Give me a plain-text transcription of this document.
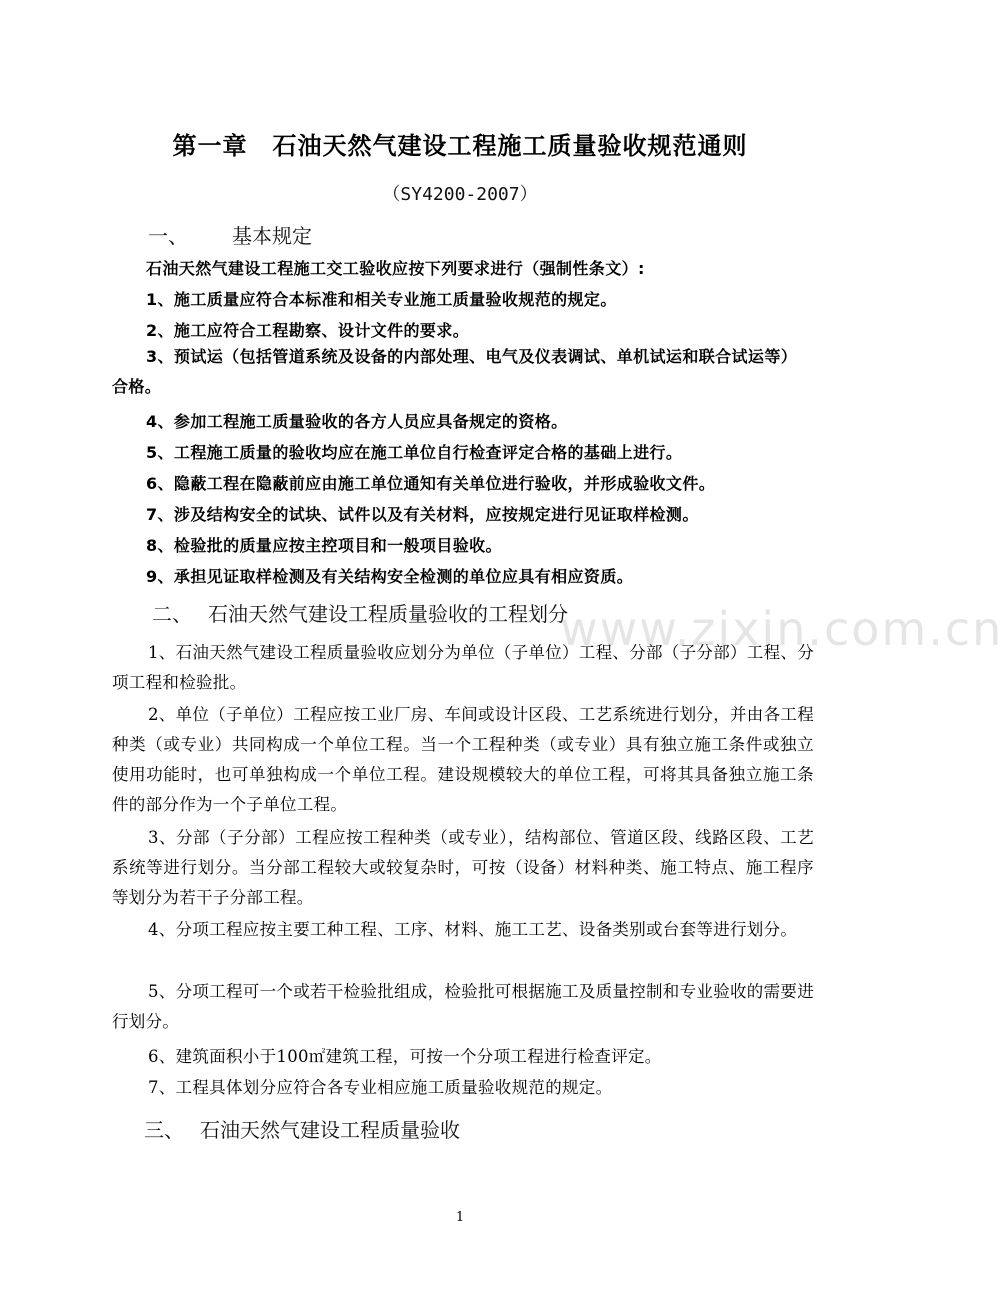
第一章　石油天然气建设工程施工质量验收规范通则
（SY4200-2007）
一、 基本规定
石油天然气建设工程施工交工验收应按下列要求进行（强制性条文）:
1、施工质量应符合本标准和相关专业施工质量验收规范的规定。
2、施工应符合工程勘察、设计文件的要求。
3、预试运（包括管道系统及设备的内部处理、电气及仪表调试、单机试运和联合试运等）合格。
4、参加工程施工质量验收的各方人员应具备规定的资格。
5、工程施工质量的验收均应在施工单位自行检查评定合格的基础上进行。
6、隐蔽工程在隐蔽前应由施工单位通知有关单位进行验收，并形成验收文件。
7、涉及结构安全的试块、试件以及有关材料，应按规定进行见证取样检测。
8、检验批的质量应按主控项目和一般项目验收。
9、承担见证取样检测及有关结构安全检测的单位应具有相应资质。
二、 石油天然气建设工程质量验收的工程划分
www.zixin.com.cn
1、石油天然气建设工程质量验收应划分为单位（子单位）工程、分部（子分部）工程、分项工程和检验批。
2、单位（子单位）工程应按工业厂房、车间或设计区段、工艺系统进行划分，并由各工程种类（或专业）共同构成一个单位工程。当一个工程种类（或专业）具有独立施工条件或独立使用功能时，也可单独构成一个单位工程。建设规模较大的单位工程，可将其具备独立施工条件的部分作为一个子单位工程。
3、分部（子分部）工程应按工程种类（或专业），结构部位、管道区段、线路区段、工艺系统等进行划分。当分部工程较大或较复杂时，可按（设备）材料种类、施工特点、施工程序等划分为若干子分部工程。
4、分项工程应按主要工种工程、工序、材料、施工工艺、设备类别或台套等进行划分。
5、分项工程可一个或若干检验批组成，检验批可根据施工及质量控制和专业验收的需要进行划分。
6、建筑面积小于100㎡建筑工程，可按一个分项工程进行检查评定。
7、工程具体划分应符合各专业相应施工质量验收规范的规定。
三、 石油天然气建设工程质量验收
1
